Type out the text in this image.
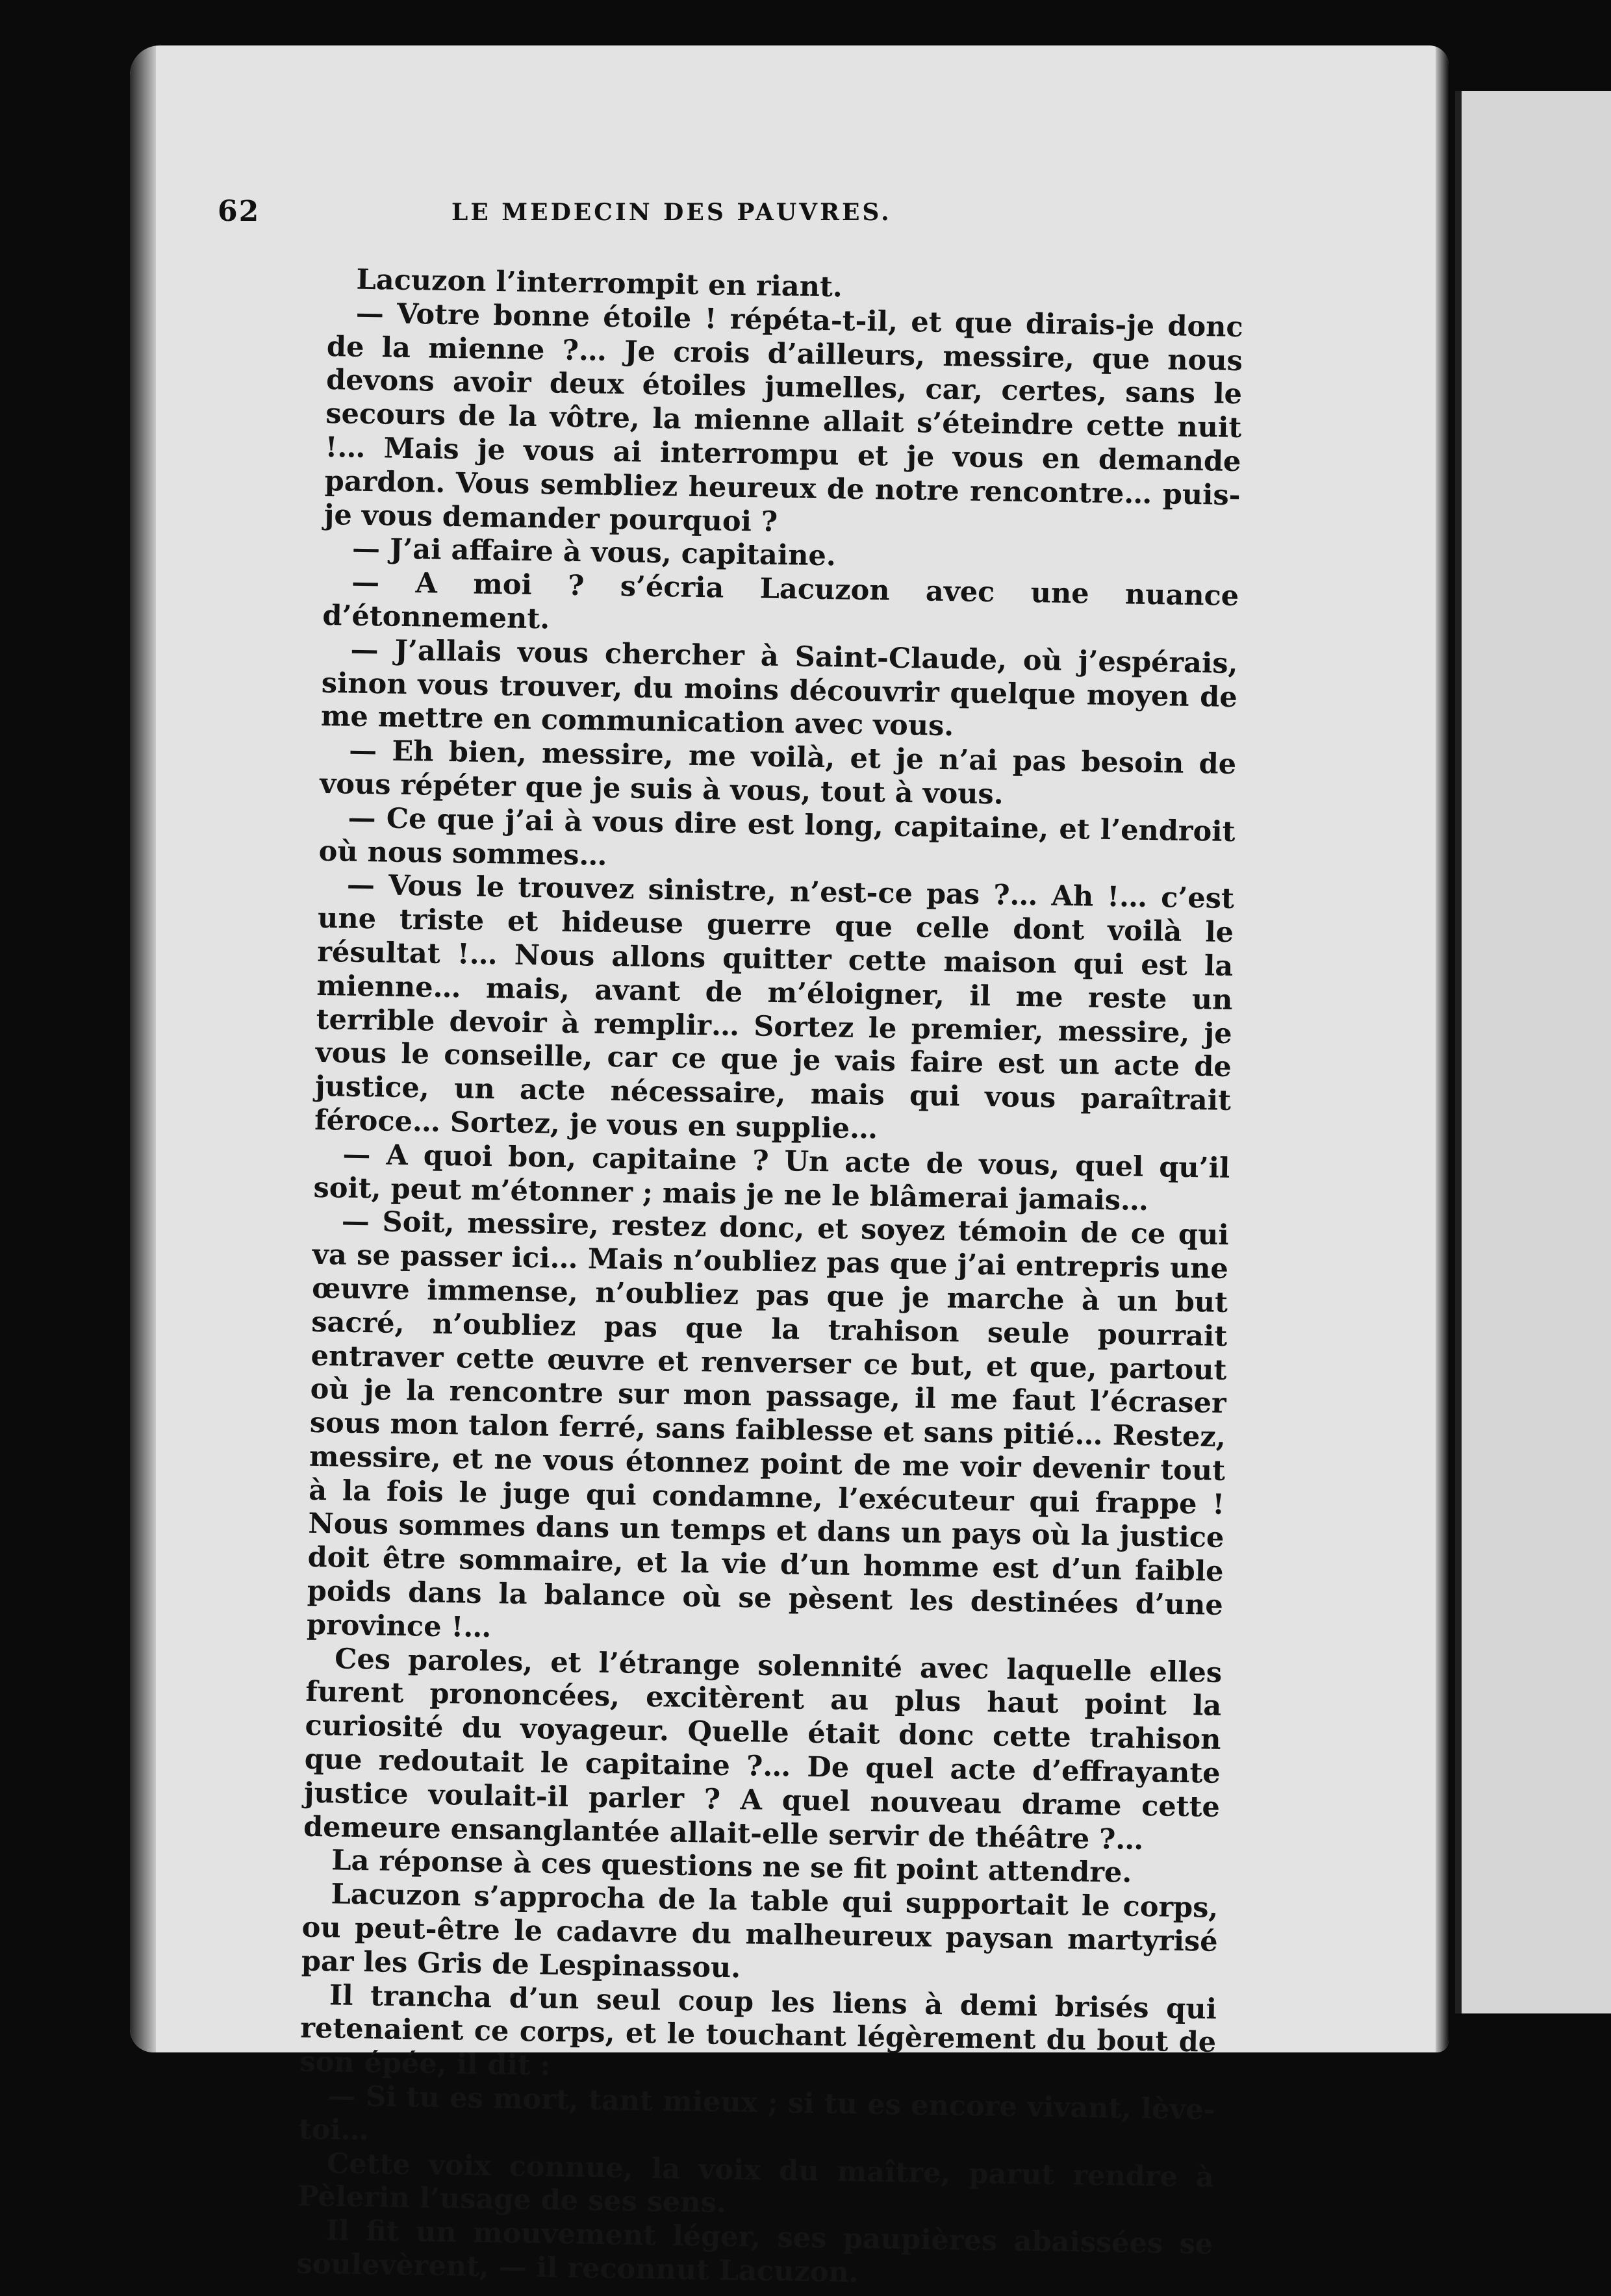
62	LE MEDECIN DES PAUVRES.

Lacuzon l’interrompit en riant.

— Votre bonne étoile ! répéta-t-il, et que dirais-je donc de la mienne ?… Je crois d’ailleurs, messire, que nous devons avoir deux étoiles jumelles, car, certes, sans le secours de la vôtre, la mienne allait s’éteindre cette nuit !… Mais je vous ai interrompu et je vous en demande pardon. Vous sembliez heureux de notre rencontre… puis-je vous demander pourquoi ?

— J’ai affaire à vous, capitaine.

— A moi ? s’écria Lacuzon avec une nuance d’étonnement.

— J’allais vous chercher à Saint-Claude, où j’espérais, sinon vous trouver, du moins découvrir quelque moyen de me mettre en communication avec vous.

— Eh bien, messire, me voilà, et je n’ai pas besoin de vous répéter que je suis à vous, tout à vous.

— Ce que j’ai à vous dire est long, capitaine, et l’endroit où nous sommes…

— Vous le trouvez sinistre, n’est-ce pas ?… Ah !… c’est une triste et hideuse guerre que celle dont voilà le résultat !… Nous allons quitter cette maison qui est la mienne… mais, avant de m’éloigner, il me reste un terrible devoir à remplir… Sortez le premier, messire, je vous le conseille, car ce que je vais faire est un acte de justice, un acte nécessaire, mais qui vous paraîtrait féroce… Sortez, je vous en supplie…

— A quoi bon, capitaine ? Un acte de vous, quel qu’il soit, peut m’étonner ; mais je ne le blâmerai jamais…

— Soit, messire, restez donc, et soyez témoin de ce qui va se passer ici… Mais n’oubliez pas que j’ai entrepris une œuvre immense, n’oubliez pas que je marche à un but sacré, n’oubliez pas que la trahison seule pourrait entraver cette œuvre et renverser ce but, et que, partout où je la rencontre sur mon passage, il me faut l’écraser sous mon talon ferré, sans faiblesse et sans pitié… Restez, messire, et ne vous étonnez point de me voir devenir tout à la fois le juge qui condamne, l’exécuteur qui frappe ! Nous sommes dans un temps et dans un pays où la justice doit être sommaire, et la vie d’un homme est d’un faible poids dans la balance où se pèsent les destinées d’une province !…

Ces paroles, et l’étrange solennité avec laquelle elles furent prononcées, excitèrent au plus haut point la curiosité du voyageur. Quelle était donc cette trahison que redoutait le capitaine ?… De quel acte d’effrayante justice voulait-il parler ? A quel nouveau drame cette demeure ensanglantée allait-elle servir de théâtre ?…

La réponse à ces questions ne se fit point attendre.

Lacuzon s’approcha de la table qui supportait le corps, ou peut-être le cadavre du malheureux paysan martyrisé par les Gris de Lespinassou.

Il trancha d’un seul coup les liens à demi brisés qui retenaient ce corps, et le touchant légèrement du bout de son épée, il dit :

— Si tu es mort, tant mieux ; si tu es encore vivant, lève-toi…

Cette voix connue, la voix du maître, parut rendre à Pèlerin l’usage de ses sens.

Il fit un mouvement léger, ses paupières abaissées se soulevèrent, — il reconnut Lacuzon.
